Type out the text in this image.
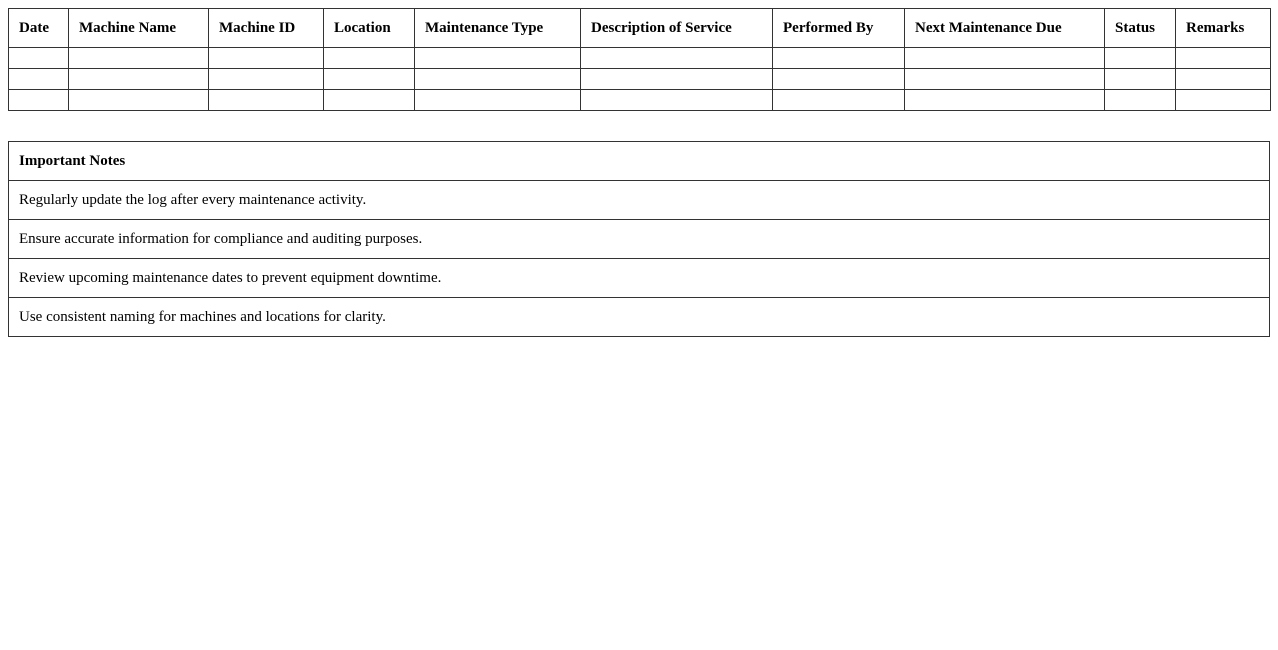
Date	Machine Name	Machine ID	Location	Maintenance Type	Description of Service	Performed By	Next Maintenance Due	Status	Remarks

Important Notes
Regularly update the log after every maintenance activity.
Ensure accurate information for compliance and auditing purposes.
Review upcoming maintenance dates to prevent equipment downtime.
Use consistent naming for machines and locations for clarity.
